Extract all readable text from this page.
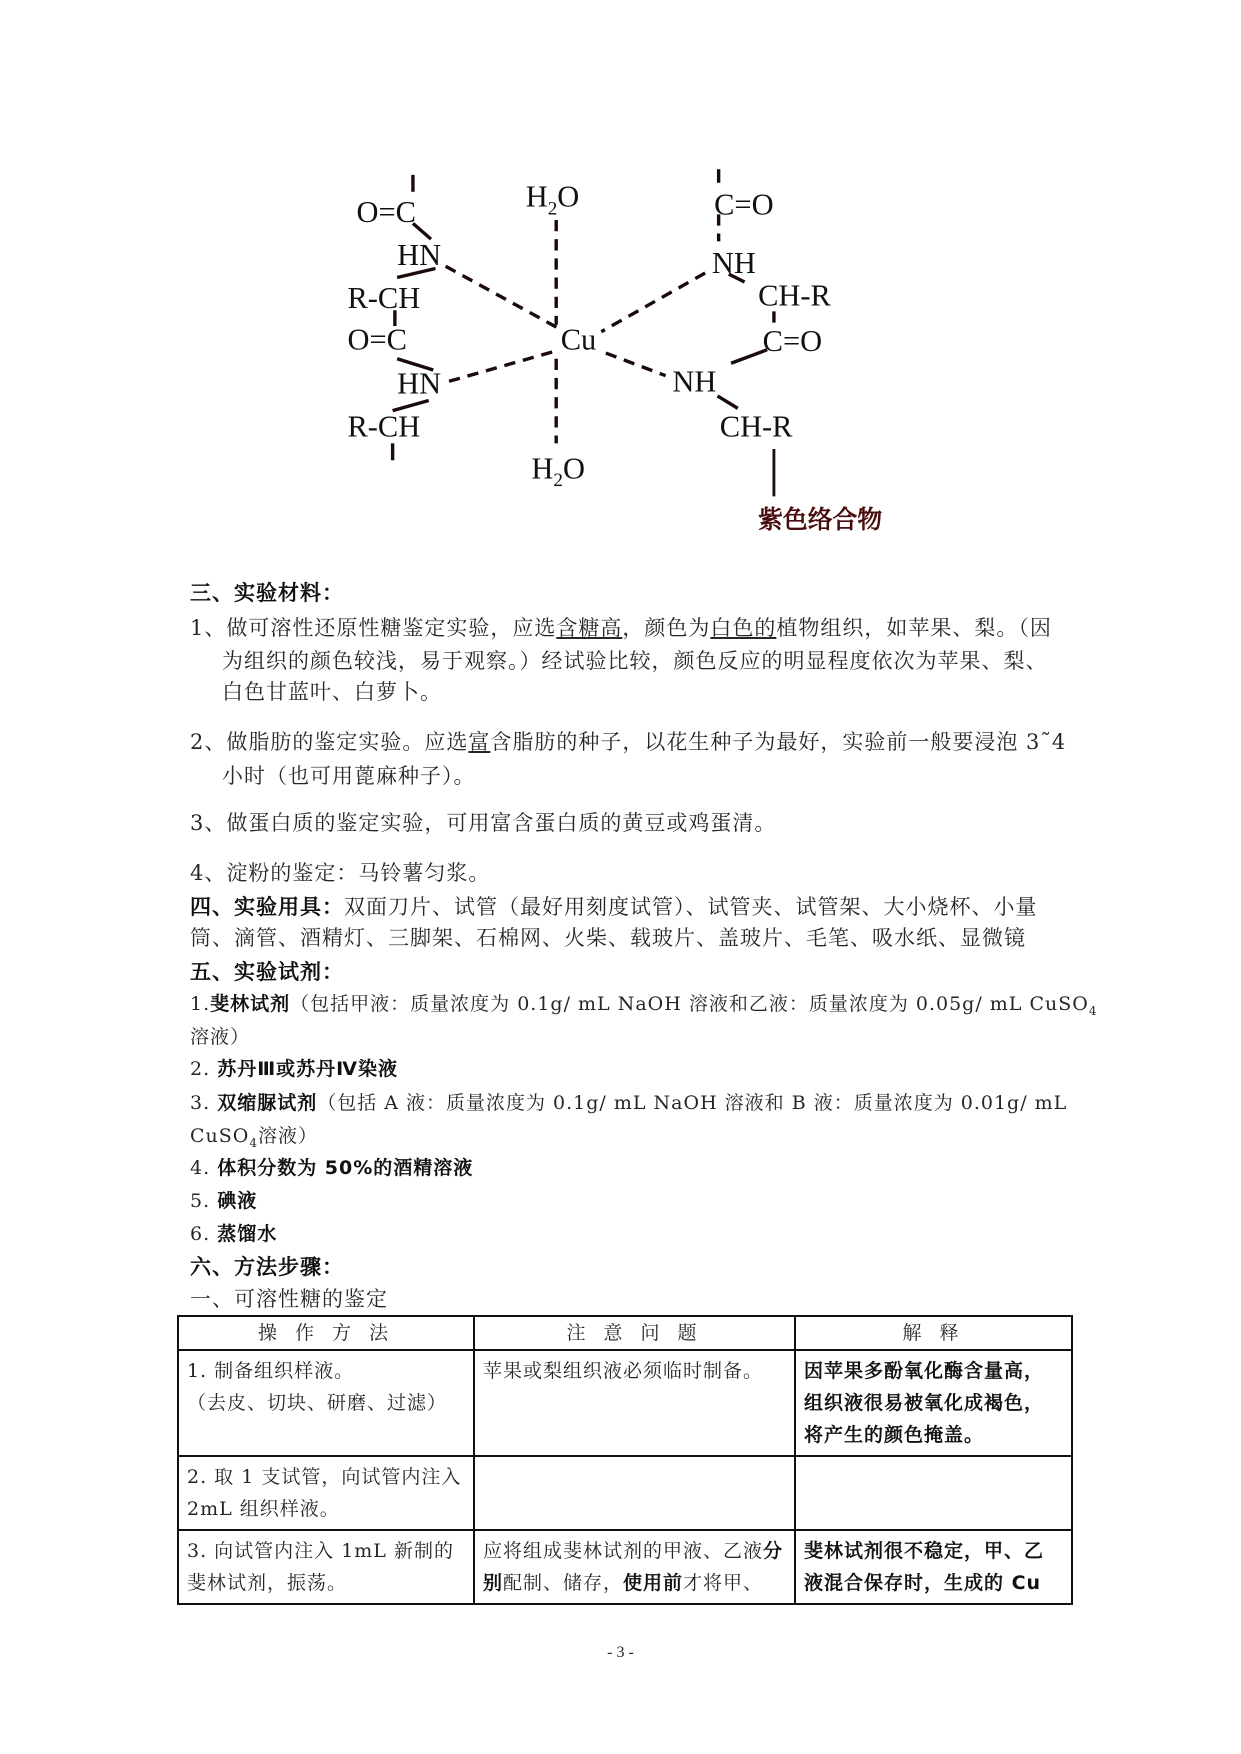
O=C
HN
R-CH
O=C
HN
R-CH
$H_2O$
Cu
$H_2O$
C=O
NH
CH-R
C=O
NH
CH-R
紫色络合物
三、实验材料：
1、做可溶性还原性糖鉴定实验，应选含糖高，颜色为白色的植物组织，如苹果、梨。（因
为组织的颜色较浅，易于观察。）经试验比较，颜色反应的明显程度依次为苹果、梨、
白色甘蓝叶、白萝卜。
2、做脂肪的鉴定实验。应选富含脂肪的种子，以花生种子为最好，实验前一般要浸泡 3˜4
小时（也可用蓖麻种子）。
3、做蛋白质的鉴定实验，可用富含蛋白质的黄豆或鸡蛋清。
4、淀粉的鉴定：马铃薯匀浆。
四、实验用具：双面刀片、试管（最好用刻度试管）、试管夹、试管架、大小烧杯、小量
筒、滴管、酒精灯、三脚架、石棉网、火柴、载玻片、盖玻片、毛笔、吸水纸、显微镜
五、实验试剂：
1.斐林试剂（包括甲液：质量浓度为 0.1g/ mL NaOH 溶液和乙液：质量浓度为 0.05g/ mL CuSO$_4$
溶液）
2. 苏丹Ⅲ或苏丹Ⅳ染液
3. 双缩脲试剂（包括 A 液：质量浓度为 0.1g/ mL NaOH 溶液和 B 液：质量浓度为 0.01g/ mL
CuSO$_4$溶液）
4. 体积分数为 50%的酒精溶液
5. 碘液
6. 蒸馏水
六、方法步骤：
一、可溶性糖的鉴定
操 作 方 法	注 意 问 题	解 释

1. 制备组织样液。
（去皮、切块、研磨、过滤）	苹果或梨组织液必须临时制备。	因苹果多酚氧化酶含量高，组织液很易被氧化成褐色，将产生的颜色掩盖。
2. 取 1 支试管，向试管内注入 2mL 组织样液。		
3. 向试管内注入 1mL 新制的斐林试剂，振荡。	应将组成斐林试剂的甲液、乙液分别配制、储存，使用前才将甲、	斐林试剂很不稳定，甲、乙液混合保存时，生成的 Cu
- 3 -
